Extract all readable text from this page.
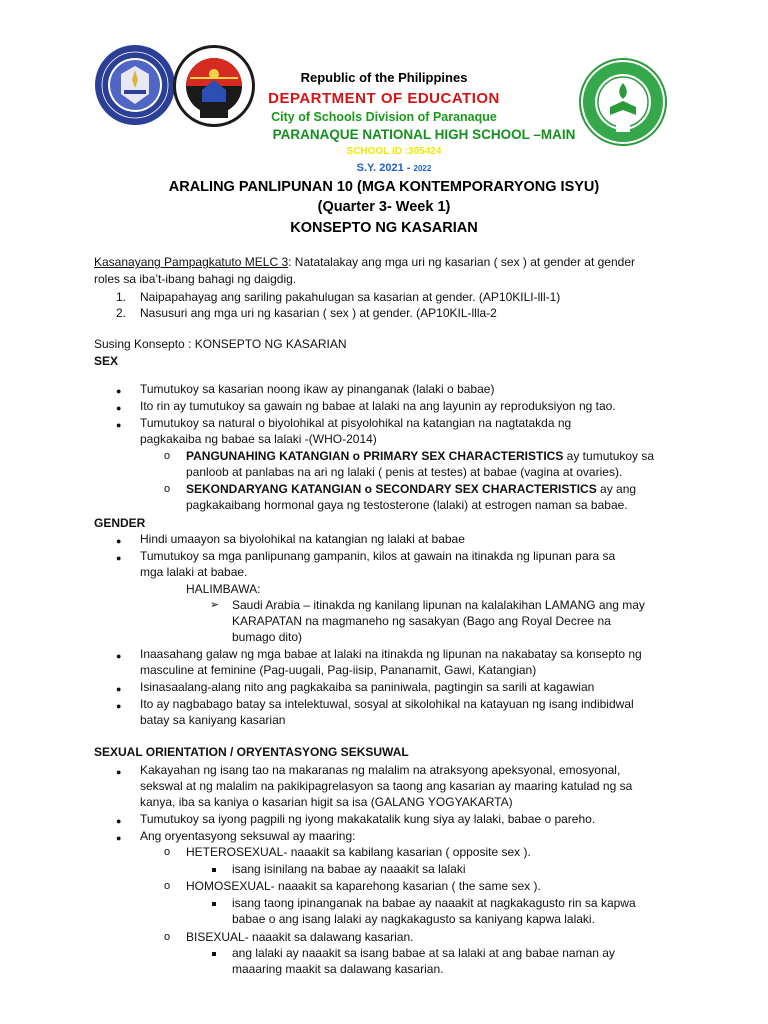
Republic of the Philippines
DEPARTMENT OF EDUCATION
City of Schools Division of Paranaque
PARANAQUE NATIONAL HIGH SCHOOL –MAIN
SCHOOL ID :305424
S.Y. 2021 - 2022
ARALING PANLIPUNAN 10 (MGA KONTEMPORARYONG ISYU)
(Quarter 3- Week 1)
KONSEPTO NG KASARIAN
Kasanayang Pampagkatuto MELC 3: Natatalakay ang mga uri ng kasarian ( sex ) at gender at gender
roles sa iba’t-ibang bahagi ng daigdig.
1. Naipapahayag ang sariling pakahulugan sa kasarian at gender. (AP10KILI-lll-1)
2. Nasusuri ang mga uri ng kasarian ( sex ) at gender. (AP10KIL-llla-2
Susing Konsepto : KONSEPTO NG KASARIAN
SEX
● Tumutukoy sa kasarian noong ikaw ay pinanganak (lalaki o babae)
● Ito rin ay tumutukoy sa gawain ng babae at lalaki na ang layunin ay reproduksiyon ng tao.
● Tumutukoy sa natural o biyolohikal at pisyolohikal na katangian na nagtatakda ng
pagkakaiba ng babae sa lalaki -(WHO-2014)
o PANGUNAHING KATANGIAN o PRIMARY SEX CHARACTERISTICS ay tumutukoy sa
panloob at panlabas na ari ng lalaki ( penis at testes) at babae (vagina at ovaries).
o SEKONDARYANG KATANGIAN o SECONDARY SEX CHARACTERISTICS ay ang
pagkakaibang hormonal gaya ng testosterone (lalaki) at estrogen naman sa babae.
GENDER
● Hindi umaayon sa biyolohikal na katangian ng lalaki at babae
● Tumutukoy sa mga panlipunang gampanin, kilos at gawain na itinakda ng lipunan para sa
mga lalaki at babae.
HALIMBAWA:
➢ Saudi Arabia – itinakda ng kanilang lipunan na kalalakihan LAMANG ang may
KARAPATAN na magmaneho ng sasakyan (Bago ang Royal Decree na
bumago dito)
● Inaasahang galaw ng mga babae at lalaki na itinakda ng lipunan na nakabatay sa konsepto ng
masculine at feminine (Pag-uugali, Pag-iisip, Pananamit, Gawi, Katangian)
● Isinasaalang-alang nito ang pagkakaiba sa paniniwala, pagtingin sa sarili at kagawian
● Ito ay nagbabago batay sa intelektuwal, sosyal at sikolohikal na katayuan ng isang indibidwal
batay sa kaniyang kasarian
SEXUAL ORIENTATION / ORYENTASYONG SEKSUWAL
● Kakayahan ng isang tao na makaranas ng malalim na atraksyong apeksyonal, emosyonal,
sekswal at ng malalim na pakikipagrelasyon sa taong ang kasarian ay maaring katulad ng sa
kanya, iba sa kaniya o kasarian higit sa isa (GALANG YOGYAKARTA)
● Tumutukoy sa iyong pagpili ng iyong makakatalik kung siya ay lalaki, babae o pareho.
● Ang oryentasyong seksuwal ay maaring:
o HETEROSEXUAL- naaakit sa kabilang kasarian ( opposite sex ).
isang isinilang na babae ay naaakit sa lalaki
o HOMOSEXUAL- naaakit sa kaparehong kasarian ( the same sex ).
isang taong ipinanganak na babae ay naaakit at nagkakagusto rin sa kapwa
babae o ang isang lalaki ay nagkakagusto sa kaniyang kapwa lalaki.
o BISEXUAL- naaakit sa dalawang kasarian.
ang lalaki ay naaakit sa isang babae at sa lalaki at ang babae naman ay
maaaring maakit sa dalawang kasarian.
